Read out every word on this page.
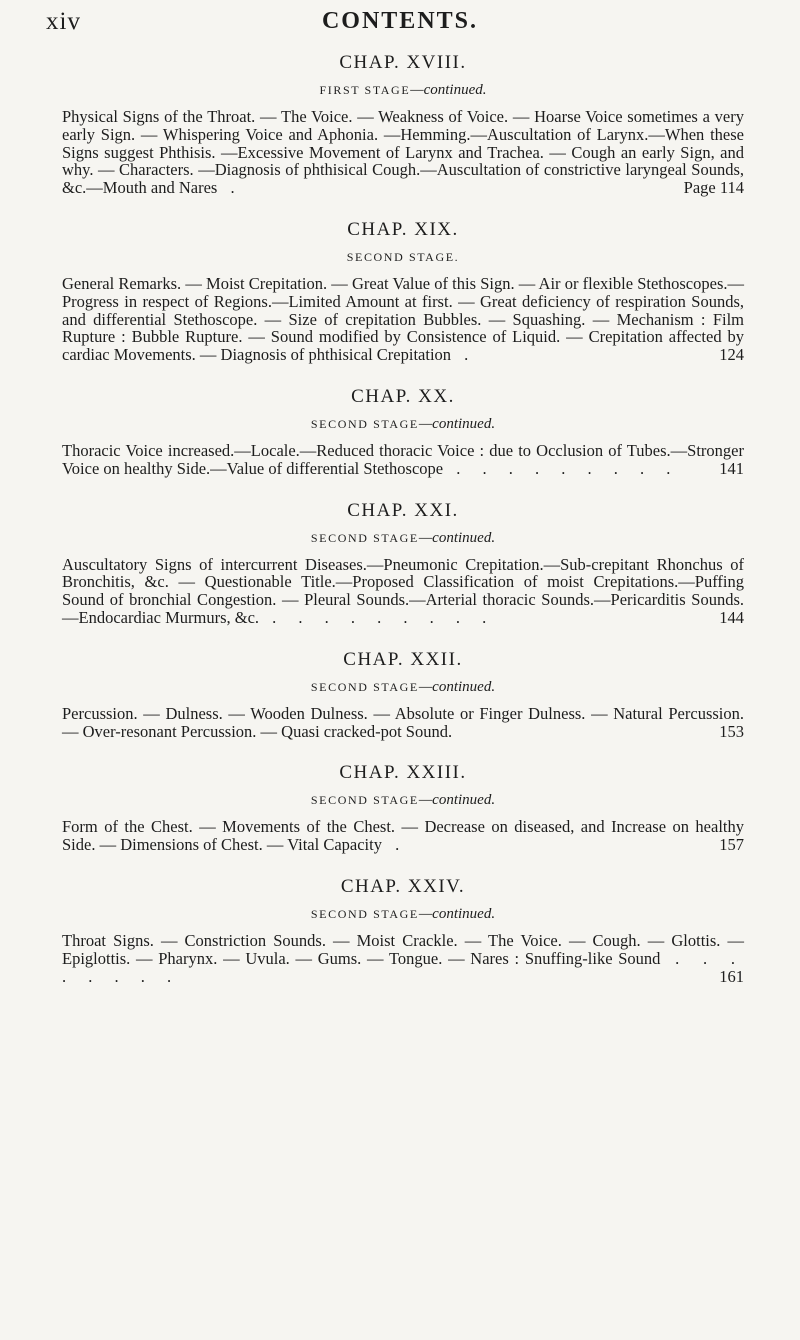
xiv	CONTENTS.
CHAP. XVIII.
FIRST STAGE—continued.

Physical Signs of the Throat. — The Voice. — Weakness of Voice. — Hoarse Voice sometimes a very early Sign. — Whispering Voice and Aphonia. —Hemming.—Auscultation of Larynx.—When these Signs suggest Phthisis. —Excessive Movement of Larynx and Trachea. — Cough an early Sign, and why. — Characters. —Diagnosis of phthisical Cough.—Auscultation of constrictive laryngeal Sounds, &c.—Mouth and Nares .	Page 114

CHAP. XIX.
SECOND STAGE.

General Remarks. — Moist Crepitation. — Great Value of this Sign. — Air or flexible Stethoscopes.—Progress in respect of Regions.—Limited Amount at first. — Great deficiency of respiration Sounds, and differential Stethoscope. — Size of crepitation Bubbles. — Squashing. — Mechanism : Film Rupture : Bubble Rupture. — Sound modified by Consistence of Liquid. — Crepitation affected by cardiac Movements. — Diagnosis of phthisical Crepitation .	124

CHAP. XX.
SECOND STAGE—continued.

Thoracic Voice increased.—Locale.—Reduced thoracic Voice : due to Occlusion of Tubes.—Stronger Voice on healthy Side.—Value of differential Stethoscope . . . . . . . . . 141

CHAP. XXI.
SECOND STAGE—continued.

Auscultatory Signs of intercurrent Diseases.—Pneumonic Crepitation.—Sub-crepitant Rhonchus of Bronchitis, &c. — Questionable Title.—Proposed Classification of moist Crepitations.—Puffing Sound of bronchial Congestion. — Pleural Sounds.—Arterial thoracic Sounds.—Pericarditis Sounds. —Endocardiac Murmurs, &c. . . . . . . . . .	144

CHAP. XXII.
SECOND STAGE—continued.

Percussion. — Dulness. — Wooden Dulness. — Absolute or Finger Dulness. — Natural Percussion. — Over-resonant Percussion. — Quasi cracked-pot Sound.	153

CHAP. XXIII.
SECOND STAGE—continued.

Form of the Chest. — Movements of the Chest. — Decrease on diseased, and Increase on healthy Side. — Dimensions of Chest. — Vital Capacity .	157

CHAP. XXIV.
SECOND STAGE—continued.

Throat Signs. — Constriction Sounds. — Moist Crackle. — The Voice. — Cough. — Glottis. — Epiglottis. — Pharynx. — Uvula. — Gums. — Tongue. — Nares : Snuffing-like Sound . . . . . . . .	161
